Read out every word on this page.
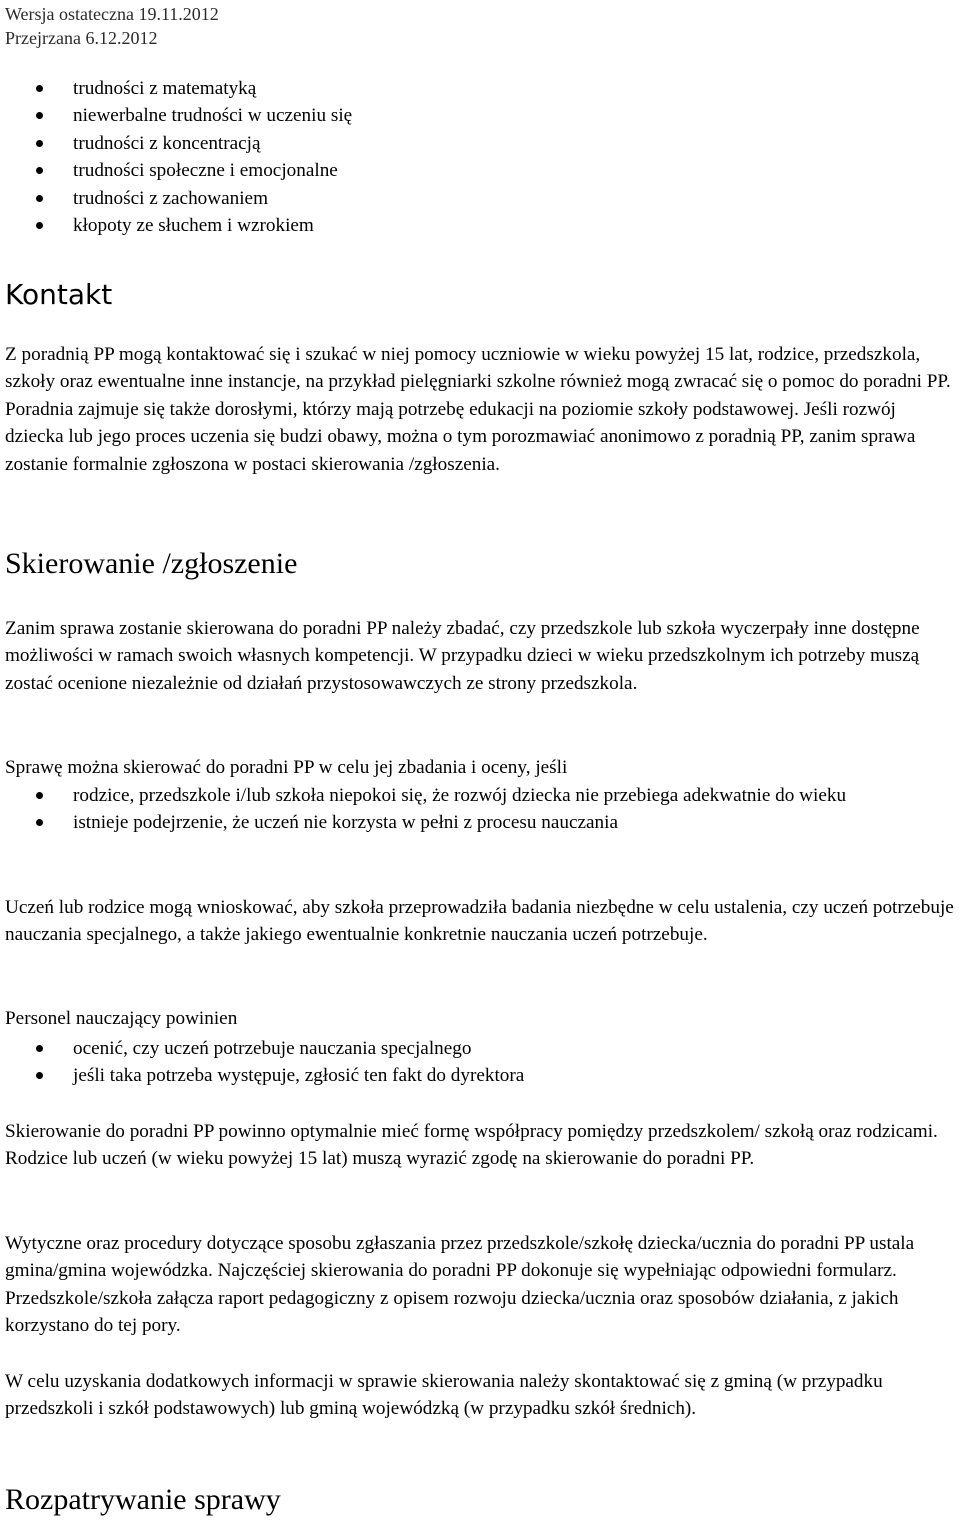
Wersja ostateczna 19.11.2012
Przejrzana 6.12.2012
trudności z matematyką
niewerbalne trudności w uczeniu się
trudności z koncentracją
trudności społeczne i emocjonalne
trudności z zachowaniem
kłopoty ze słuchem i wzrokiem
Kontakt

Z poradnią PP mogą kontaktować się i szukać w niej pomocy uczniowie w wieku powyżej 15 lat, rodzice, przedszkola, szkoły oraz ewentualne inne instancje, na przykład pielęgniarki szkolne również mogą zwracać się o pomoc do poradni PP. Poradnia zajmuje się także dorosłymi, którzy mają potrzebę edukacji na poziomie szkoły podstawowej. Jeśli rozwój dziecka lub jego proces uczenia się budzi obawy, można o tym porozmawiać anonimowo z poradnią PP, zanim sprawa zostanie formalnie zgłoszona w postaci skierowania /zgłoszenia.

Skierowanie /zgłoszenie

Zanim sprawa zostanie skierowana do poradni PP należy zbadać, czy przedszkole lub szkoła wyczerpały inne dostępne możliwości w ramach swoich własnych kompetencji. W przypadku dzieci w wieku przedszkolnym ich potrzeby muszą zostać ocenione niezależnie od działań przystosowawczych ze strony przedszkola.

Sprawę można skierować do poradni PP w celu jej zbadania i oceny, jeśli

rodzice, przedszkole i/lub szkoła niepokoi się, że rozwój dziecka nie przebiega adekwatnie do wieku
istnieje podejrzenie, że uczeń nie korzysta w pełni z procesu nauczania

Uczeń lub rodzice mogą wnioskować, aby szkoła przeprowadziła badania niezbędne w celu ustalenia, czy uczeń potrzebuje nauczania specjalnego, a także jakiego ewentualnie konkretnie nauczania uczeń potrzebuje.

Personel nauczający powinien

ocenić, czy uczeń potrzebuje nauczania specjalnego
jeśli taka potrzeba występuje, zgłosić ten fakt do dyrektora

Skierowanie do poradni PP powinno optymalnie mieć formę współpracy pomiędzy przedszkolem/ szkołą oraz rodzicami. Rodzice lub uczeń (w wieku powyżej 15 lat) muszą wyrazić zgodę na skierowanie do poradni PP.

Wytyczne oraz procedury dotyczące sposobu zgłaszania przez przedszkole/szkołę dziecka/ucznia do poradni PP ustala gmina/gmina wojewódzka. Najczęściej skierowania do poradni PP dokonuje się wypełniając odpowiedni formularz. Przedszkole/szkoła załącza raport pedagogiczny z opisem rozwoju dziecka/ucznia oraz sposobów działania, z jakich korzystano do tej pory.

W celu uzyskania dodatkowych informacji w sprawie skierowania należy skontaktować się z gminą (w przypadku przedszkoli i szkół podstawowych) lub gminą wojewódzką (w przypadku szkół średnich).

Rozpatrywanie sprawy
